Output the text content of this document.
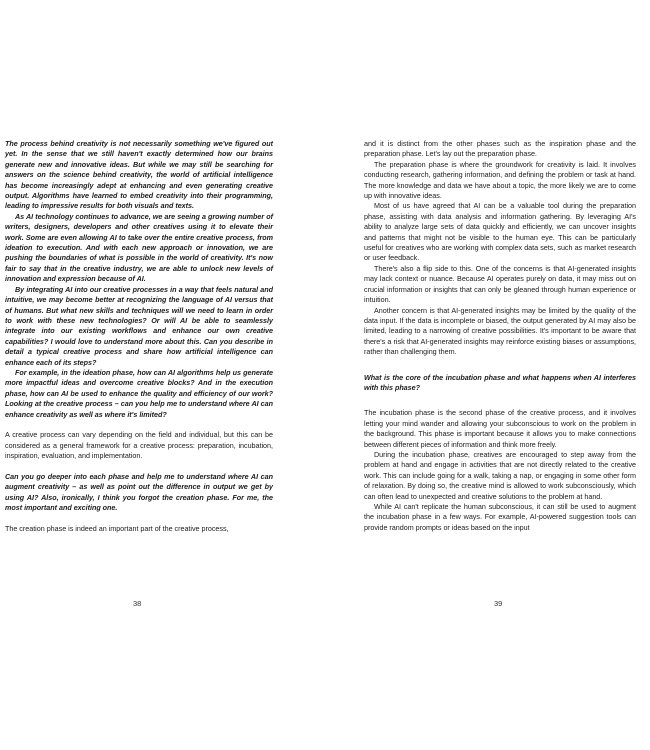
The process behind creativity is not necessarily something we've figured out yet. In the sense that we still haven't exactly determined how our brains generate new and innovative ideas. But while we may still be searching for answers on the science behind creativity, the world of artificial intelligence has become increasingly adept at enhancing and even generating creative output. Algorithms have learned to embed creativity into their programming, leading to impressive results for both visuals and texts.

As AI technology continues to advance, we are seeing a growing number of writers, designers, developers and other creatives using it to elevate their work. Some are even allowing AI to take over the entire creative process, from ideation to execution. And with each new approach or innovation, we are pushing the boundaries of what is possible in the world of creativity. It's now fair to say that in the creative industry, we are able to unlock new levels of innovation and expression because of AI.

By integrating AI into our creative processes in a way that feels natural and intuitive, we may become better at recognizing the language of AI versus that of humans. But what new skills and techniques will we need to learn in order to work with these new technologies? Or will AI be able to seamlessly integrate into our existing workflows and enhance our own creative capabilities? I would love to understand more about this. Can you describe in detail a typical creative process and share how artificial intelligence can enhance each of its steps?

For example, in the ideation phase, how can AI algorithms help us generate more impactful ideas and overcome creative blocks? And in the execution phase, how can AI be used to enhance the quality and efficiency of our work? Looking at the creative process – can you help me to understand where AI can enhance creativity as well as where it's limited?

A creative process can vary depending on the field and individual, but this can be considered as a general framework for a creative process: preparation, incubation, inspiration, evaluation, and implementation.

Can you go deeper into each phase and help me to understand where AI can augment creativity – as well as point out the difference in output we get by using AI? Also, ironically, I think you forgot the creation phase. For me, the most important and exciting one.

The creation phase is indeed an important part of the creative process,

38

and it is distinct from the other phases such as the inspiration phase and the preparation phase. Let's lay out the preparation phase.

The preparation phase is where the groundwork for creativity is laid. It involves conducting research, gathering information, and defining the problem or task at hand. The more knowledge and data we have about a topic, the more likely we are to come up with innovative ideas.

Most of us have agreed that AI can be a valuable tool during the preparation phase, assisting with data analysis and information gathering. By leveraging AI's ability to analyze large sets of data quickly and efficiently, we can uncover insights and patterns that might not be visible to the human eye. This can be particularly useful for creatives who are working with complex data sets, such as market research or user feedback.

There's also a flip side to this. One of the concerns is that AI-generated insights may lack context or nuance. Because AI operates purely on data, it may miss out on crucial information or insights that can only be gleaned through human experience or intuition.

Another concern is that AI-generated insights may be limited by the quality of the data input. If the data is incomplete or biased, the output generated by AI may also be limited, leading to a narrowing of creative possibilities. It's important to be aware that there's a risk that AI-generated insights may reinforce existing biases or assumptions, rather than challenging them.

What is the core of the incubation phase and what happens when AI interferes with this phase?

The incubation phase is the second phase of the creative process, and it involves letting your mind wander and allowing your subconscious to work on the problem in the background. This phase is important because it allows you to make connections between different pieces of information and think more freely.

During the incubation phase, creatives are encouraged to step away from the problem at hand and engage in activities that are not directly related to the creative work. This can include going for a walk, taking a nap, or engaging in some other form of relaxation. By doing so, the creative mind is allowed to work subconsciously, which can often lead to unexpected and creative solutions to the problem at hand.

While AI can't replicate the human subconscious, it can still be used to augment the incubation phase in a few ways. For example, AI-powered suggestion tools can provide random prompts or ideas based on the input

39
